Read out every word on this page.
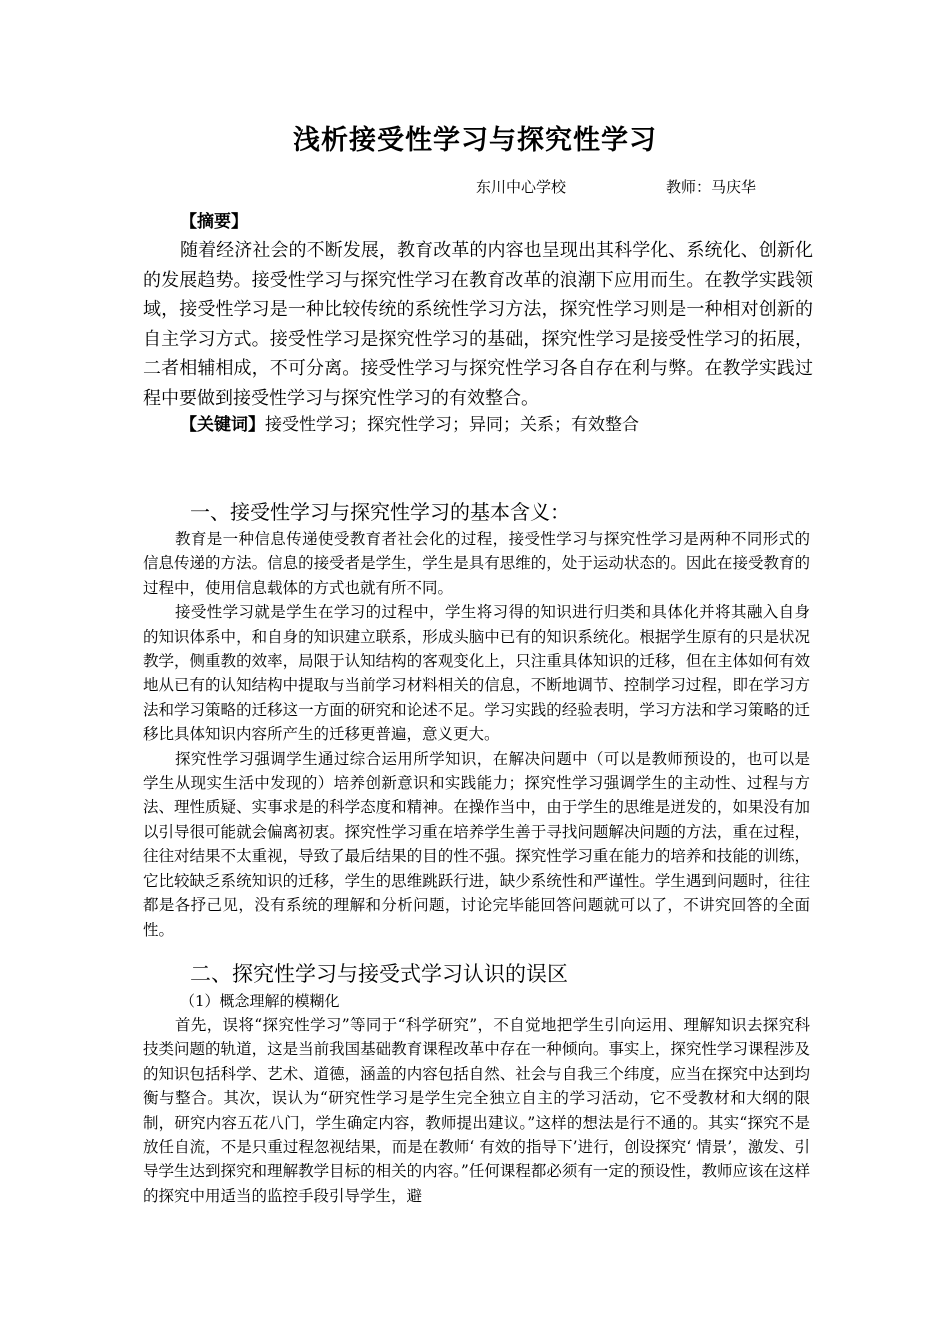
浅析接受性学习与探究性学习
东川中心学校	教师：马庆华
【摘要】

随着经济社会的不断发展，教育改革的内容也呈现出其科学化、系统化、创新化的发展趋势。接受性学习与探究性学习在教育改革的浪潮下应用而生。在教学实践领域，接受性学习是一种比较传统的系统性学习方法，探究性学习则是一种相对创新的自主学习方式。接受性学习是探究性学习的基础，探究性学习是接受性学习的拓展，二者相辅相成，不可分离。接受性学习与探究性学习各自存在利与弊。在教学实践过程中要做到接受性学习与探究性学习的有效整合。

【关键词】接受性学习；探究性学习；异同；关系；有效整合
一、接受性学习与探究性学习的基本含义：

教育是一种信息传递使受教育者社会化的过程，接受性学习与探究性学习是两种不同形式的信息传递的方法。信息的接受者是学生，学生是具有思维的，处于运动状态的。因此在接受教育的过程中，使用信息载体的方式也就有所不同。

接受性学习就是学生在学习的过程中，学生将习得的知识进行归类和具体化并将其融入自身的知识体系中，和自身的知识建立联系，形成头脑中已有的知识系统化。根据学生原有的只是状况教学，侧重教的效率，局限于认知结构的客观变化上，只注重具体知识的迁移，但在主体如何有效地从已有的认知结构中提取与当前学习材料相关的信息，不断地调节、控制学习过程，即在学习方法和学习策略的迁移这一方面的研究和论述不足。学习实践的经验表明，学习方法和学习策略的迁移比具体知识内容所产生的迁移更普遍，意义更大。

探究性学习强调学生通过综合运用所学知识，在解决问题中（可以是教师预设的，也可以是学生从现实生活中发现的）培养创新意识和实践能力；探究性学习强调学生的主动性、过程与方法、理性质疑、实事求是的科学态度和精神。在操作当中，由于学生的思维是迸发的，如果没有加以引导很可能就会偏离初衷。探究性学习重在培养学生善于寻找问题解决问题的方法，重在过程，往往对结果不太重视，导致了最后结果的目的性不强。探究性学习重在能力的培养和技能的训练，它比较缺乏系统知识的迁移，学生的思维跳跃行进，缺少系统性和严谨性。学生遇到问题时，往往都是各抒己见，没有系统的理解和分析问题，讨论完毕能回答问题就可以了，不讲究回答的全面性。

二、探究性学习与接受式学习认识的误区
（1）概念理解的模糊化

首先，误将“探究性学习”等同于“科学研究”，不自觉地把学生引向运用、理解知识去探究科技类问题的轨道，这是当前我国基础教育课程改革中存在一种倾向。事实上，探究性学习课程涉及的知识包括科学、艺术、道德，涵盖的内容包括自然、社会与自我三个纬度，应当在探究中达到均衡与整合。其次，误认为“研究性学习是学生完全独立自主的学习活动，它不受教材和大纲的限制，研究内容五花八门，学生确定内容，教师提出建议。”这样的想法是行不通的。其实“探究不是放任自流，不是只重过程忽视结果，而是在教师‘ 有效的指导下’进行，创设探究‘ 情景’，激发、引导学生达到探究和理解教学目标的相关的内容。”任何课程都必须有一定的预设性，教师应该在这样的探究中用适当的监控手段引导学生，避
